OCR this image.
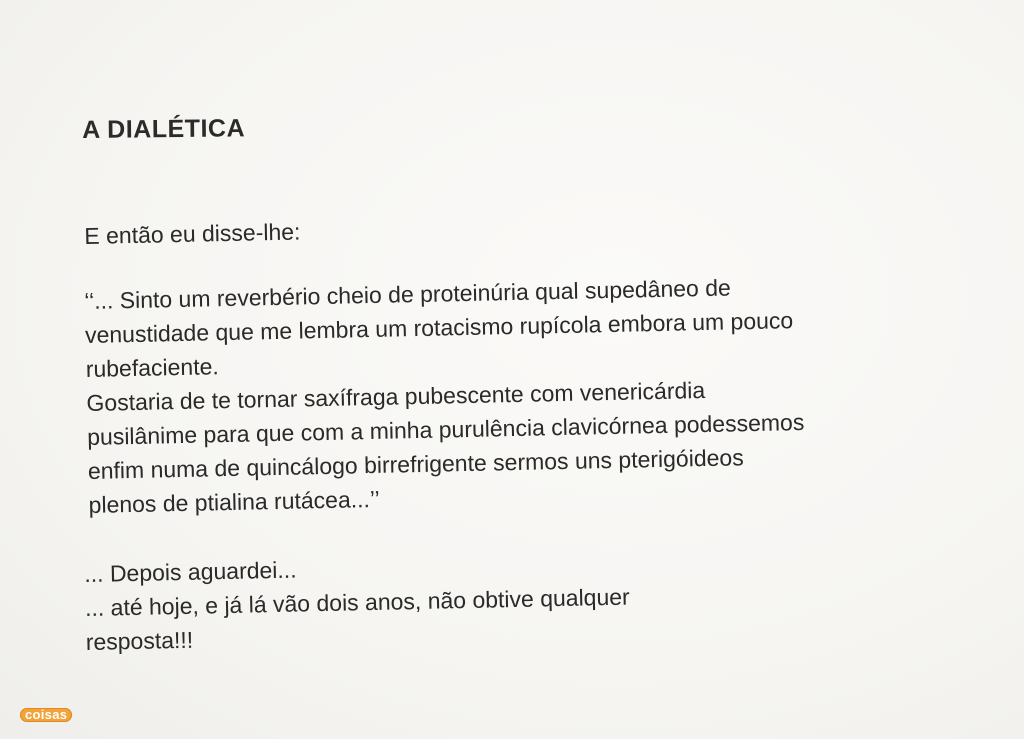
A DIALÉTICA
E então eu disse-lhe:
‘‘... Sinto um reverbério cheio de proteinúria qual supedâneo de
venustidade que me lembra um rotacismo rupícola embora um pouco
rubefaciente.
Gostaria de te tornar saxífraga pubescente com venericárdia
pusilânime para que com a minha purulência clavicórnea podessemos
enfim numa de quincálogo birrefrigente sermos uns pterigóideos
plenos de ptialina rutácea...’’
... Depois aguardei...
... até hoje, e já lá vão dois anos, não obtive qualquer
resposta!!!
coisas
